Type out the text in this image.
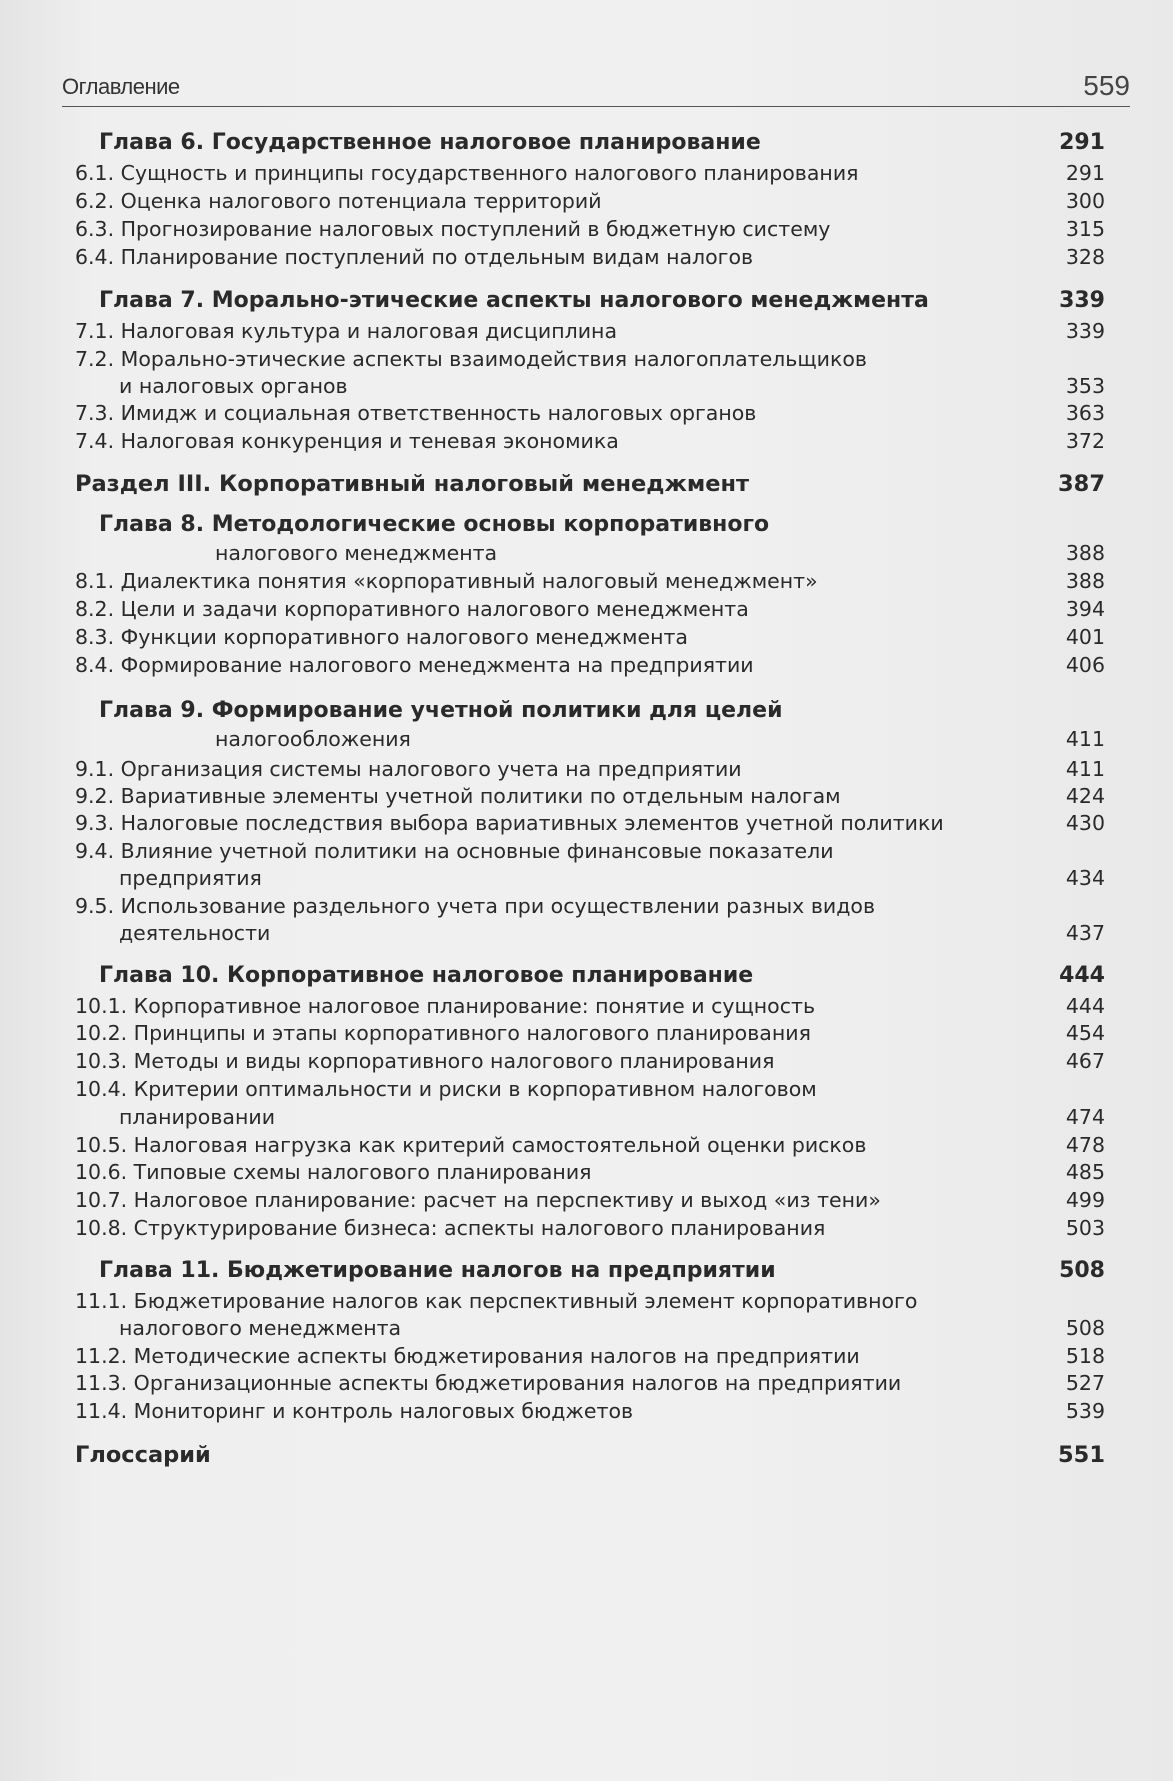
Оглавление	559
Глава 6. Государственное налоговое планирование	291
6.1. Сущность и принципы государственного налогового планирования	291
6.2. Оценка налогового потенциала территорий	300
6.3. Прогнозирование налоговых поступлений в бюджетную систему	315
6.4. Планирование поступлений по отдельным видам налогов	328
Глава 7. Морально-этические аспекты налогового менеджмента	339
7.1. Налоговая культура и налоговая дисциплина	339
7.2. Морально-этические аспекты взаимодействия налогоплательщиков
и налоговых органов	353
7.3. Имидж и социальная ответственность налоговых органов	363
7.4. Налоговая конкуренция и теневая экономика	372
Раздел III. Корпоративный налоговый менеджмент	387
Глава 8. Методологические основы корпоративного
налогового менеджмента	388
8.1. Диалектика понятия «корпоративный налоговый менеджмент»	388
8.2. Цели и задачи корпоративного налогового менеджмента	394
8.3. Функции корпоративного налогового менеджмента	401
8.4. Формирование налогового менеджмента на предприятии	406
Глава 9. Формирование учетной политики для целей
налогообложения	411
9.1. Организация системы налогового учета на предприятии	411
9.2. Вариативные элементы учетной политики по отдельным налогам	424
9.3. Налоговые последствия выбора вариативных элементов учетной политики	430
9.4. Влияние учетной политики на основные финансовые показатели
предприятия	434
9.5. Использование раздельного учета при осуществлении разных видов
деятельности	437
Глава 10. Корпоративное налоговое планирование	444
10.1. Корпоративное налоговое планирование: понятие и сущность	444
10.2. Принципы и этапы корпоративного налогового планирования	454
10.3. Методы и виды корпоративного налогового планирования	467
10.4. Критерии оптимальности и риски в корпоративном налоговом
планировании	474
10.5. Налоговая нагрузка как критерий самостоятельной оценки рисков	478
10.6. Типовые схемы налогового планирования	485
10.7. Налоговое планирование: расчет на перспективу и выход «из тени»	499
10.8. Структурирование бизнеса: аспекты налогового планирования	503
Глава 11. Бюджетирование налогов на предприятии	508
11.1. Бюджетирование налогов как перспективный элемент корпоративного
налогового менеджмента	508
11.2. Методические аспекты бюджетирования налогов на предприятии	518
11.3. Организационные аспекты бюджетирования налогов на предприятии	527
11.4. Мониторинг и контроль налоговых бюджетов	539
Глоссарий	551
